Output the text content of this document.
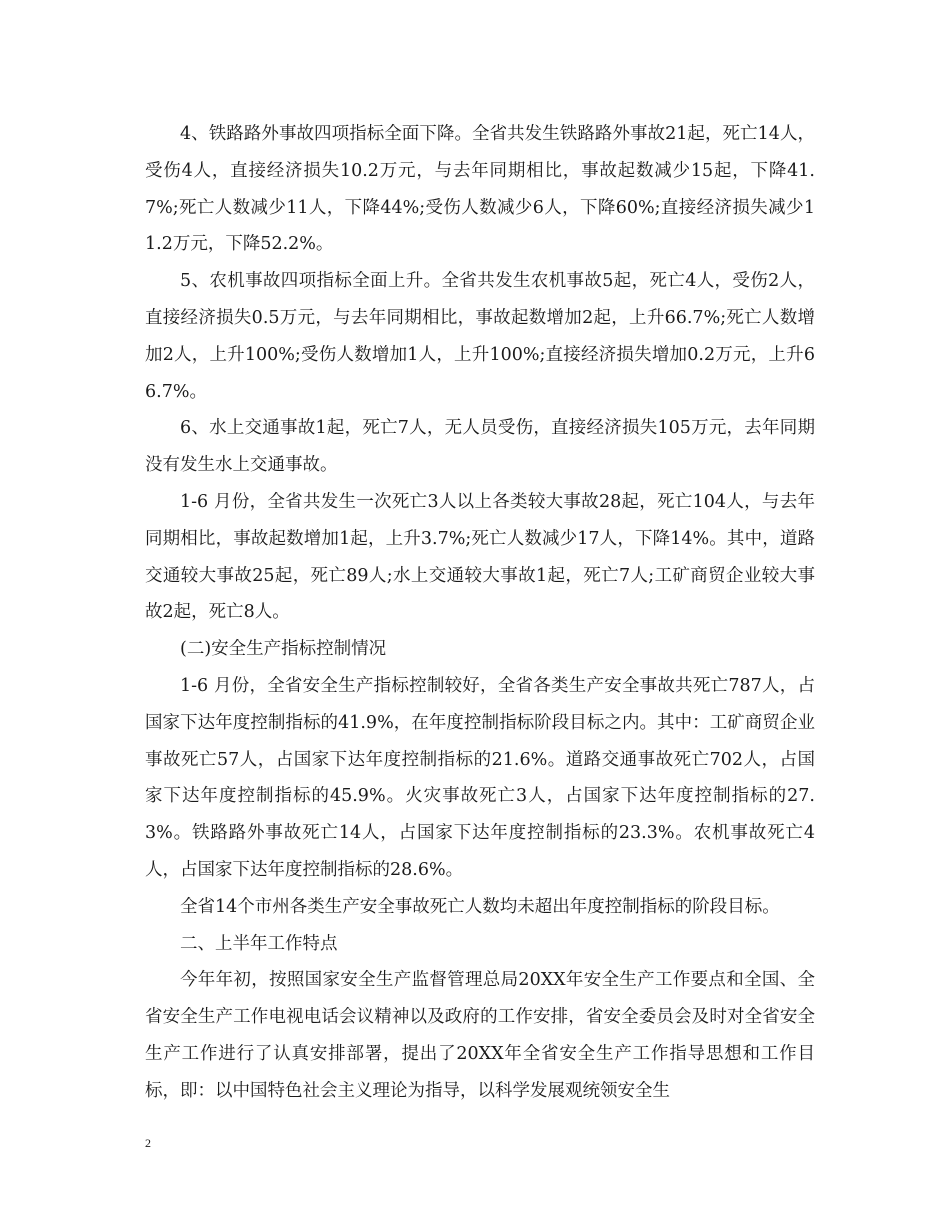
4、铁路路外事故四项指标全面下降。全省共发生铁路路外事故21起，死亡14人，受伤4人，直接经济损失10.2万元，与去年同期相比，事故起数减少15起，下降41.7%;死亡人数减少11人，下降44%;受伤人数减少6人，下降60%;直接经济损失减少11.2万元，下降52.2%。

5、农机事故四项指标全面上升。全省共发生农机事故5起，死亡4人，受伤2人，直接经济损失0.5万元，与去年同期相比，事故起数增加2起，上升66.7%;死亡人数增加2人，上升100%;受伤人数增加1人，上升100%;直接经济损失增加0.2万元，上升66.7%。

6、水上交通事故1起，死亡7人，无人员受伤，直接经济损失105万元，去年同期没有发生水上交通事故。

1-6 月份，全省共发生一次死亡3人以上各类较大事故28起，死亡104人，与去年同期相比，事故起数增加1起，上升3.7%;死亡人数减少17人，下降14%。其中，道路交通较大事故25起，死亡89人;水上交通较大事故1起，死亡7人;工矿商贸企业较大事故2起，死亡8人。

(二)安全生产指标控制情况

1-6 月份，全省安全生产指标控制较好，全省各类生产安全事故共死亡787人，占国家下达年度控制指标的41.9%，在年度控制指标阶段目标之内。其中：工矿商贸企业事故死亡57人，占国家下达年度控制指标的21.6%。道路交通事故死亡702人，占国家下达年度控制指标的45.9%。火灾事故死亡3人，占国家下达年度控制指标的27.3%。铁路路外事故死亡14人，占国家下达年度控制指标的23.3%。农机事故死亡4人，占国家下达年度控制指标的28.6%。

全省14个市州各类生产安全事故死亡人数均未超出年度控制指标的阶段目标。

二、上半年工作特点

今年年初，按照国家安全生产监督管理总局20XX年安全生产工作要点和全国、全省安全生产工作电视电话会议精神以及政府的工作安排，省安全委员会及时对全省安全生产工作进行了认真安排部署，提出了20XX年全省安全生产工作指导思想和工作目标，即：以中国特色社会主义理论为指导，以科学发展观统领安全生

2
